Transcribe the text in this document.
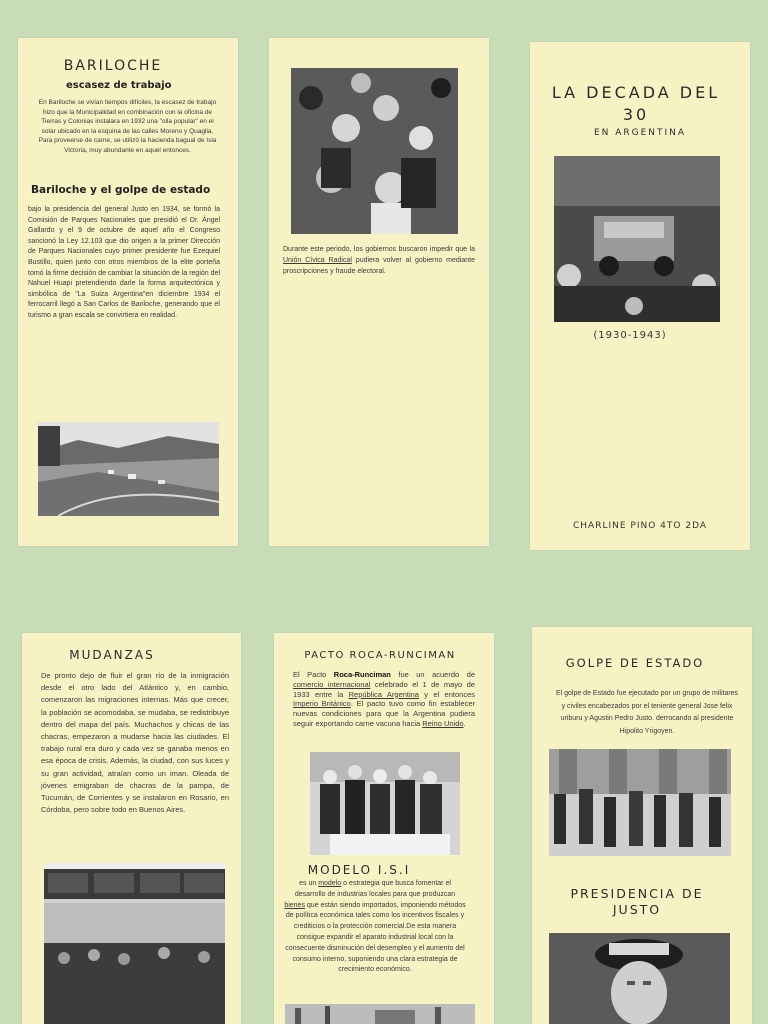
BARILOCHE
escasez de trabajo
En Bariloche se vivían tiempos difíciles, la escasez de trabajo hizo que la Municipalidad en combinación con la oficina de Tierras y Colonias instalara en 1932 una "olla popular" en el solar ubicado en la esquina de las calles Moreno y Quaglia. Para proveerse de carne, se utilizó la hacienda bagual de Isla Victoria, muy abundante en aquel entonces.
Bariloche y el golpe de estado
bajo la presidencia del general Justo en 1934, se formó la Comisión de Parques Nacionales que presidió el Dr. Ángel Gallardo y el 9 de octubre de aquel año el Congreso sancionó la Ley 12.103 que dio origen a la primer Dirección de Parques Nacionales cuyo primer presidente fue Ezequiel Bustillo, quien junto con otros miembros de la elite porteña tomó la firme decisión de cambiar la situación de la región del Nahuel Huapi pretendiendo darle la forma arquitectónica y simbólica de "La Suiza Argentina"en diciembre 1934 el ferrocarril llegó a San Carlos de Bariloche, generando que el turismo a gran escala se convirtiera en realidad.
Durante este periodo, los gobiernos buscaron impedir que la Unión Cívica Radical pudiera volver al gobierno mediante proscripciones y fraude electoral.
LA DECADA DEL 30
EN ARGENTINA
(1930-1943)
CHARLINE PINO 4TO 2DA
MUDANZAS
De pronto dejo de fluir el gran río de la inmigración desde el otro lado del Atlántico y, en cambio, comenzaron las migraciones internas. Más que crecer, la población se acomodaba, se mudaba, se redistribuye dentro del mapa del país. Muchachos y chicas de las chacras, empezaron a mudarse hacia las ciudades. El trabajo rural era duro y cada vez se ganaba menos en esa época de crisis. Además, la ciudad, con sus luces y su gran actividad, atraían como un iman. Oleada de jóvenes emigraban de chacras de la pampa, de Tucumán, de Corrientes y se instalaron en Rosario, en Córdoba, pero sobre todo en Buenos Aires.
PACTO ROCA-RUNCIMAN
El Pacto Roca-Runciman fue un acuerdo de comercio internacional celebrado el 1 de mayo de 1933 entre la República Argentina y el entonces Imperio Británico. El pacto tuvo como fin establecer nuevas condiciones para que la Argentina pudiera seguir exportando carne vacuna hacia Reino Unido.
MODELO I.S.I
es un modelo o estrategia que busca fomentar el desarrollo de industrias locales para que produzcan bienes que están siendo importados, imponiendo métodos de política económica tales como los incentivos fiscales y crediticios o la protección comercial.De esta manera consigue expandir el aparato industrial local con la consecuente disminución del desempleo y el aumento del consumo interno, suponiendo una clara estrategia de crecimiento económico.
GOLPE DE ESTADO
El golpe de Estado fue ejecutado por un grupo de militares y civiles encabezados por el teniente general Jose felix uriburu y Agustin Pedro Justo. derrocando al presidente Hipolito Yrigoyen.
PRESIDENCIA DE JUSTO
